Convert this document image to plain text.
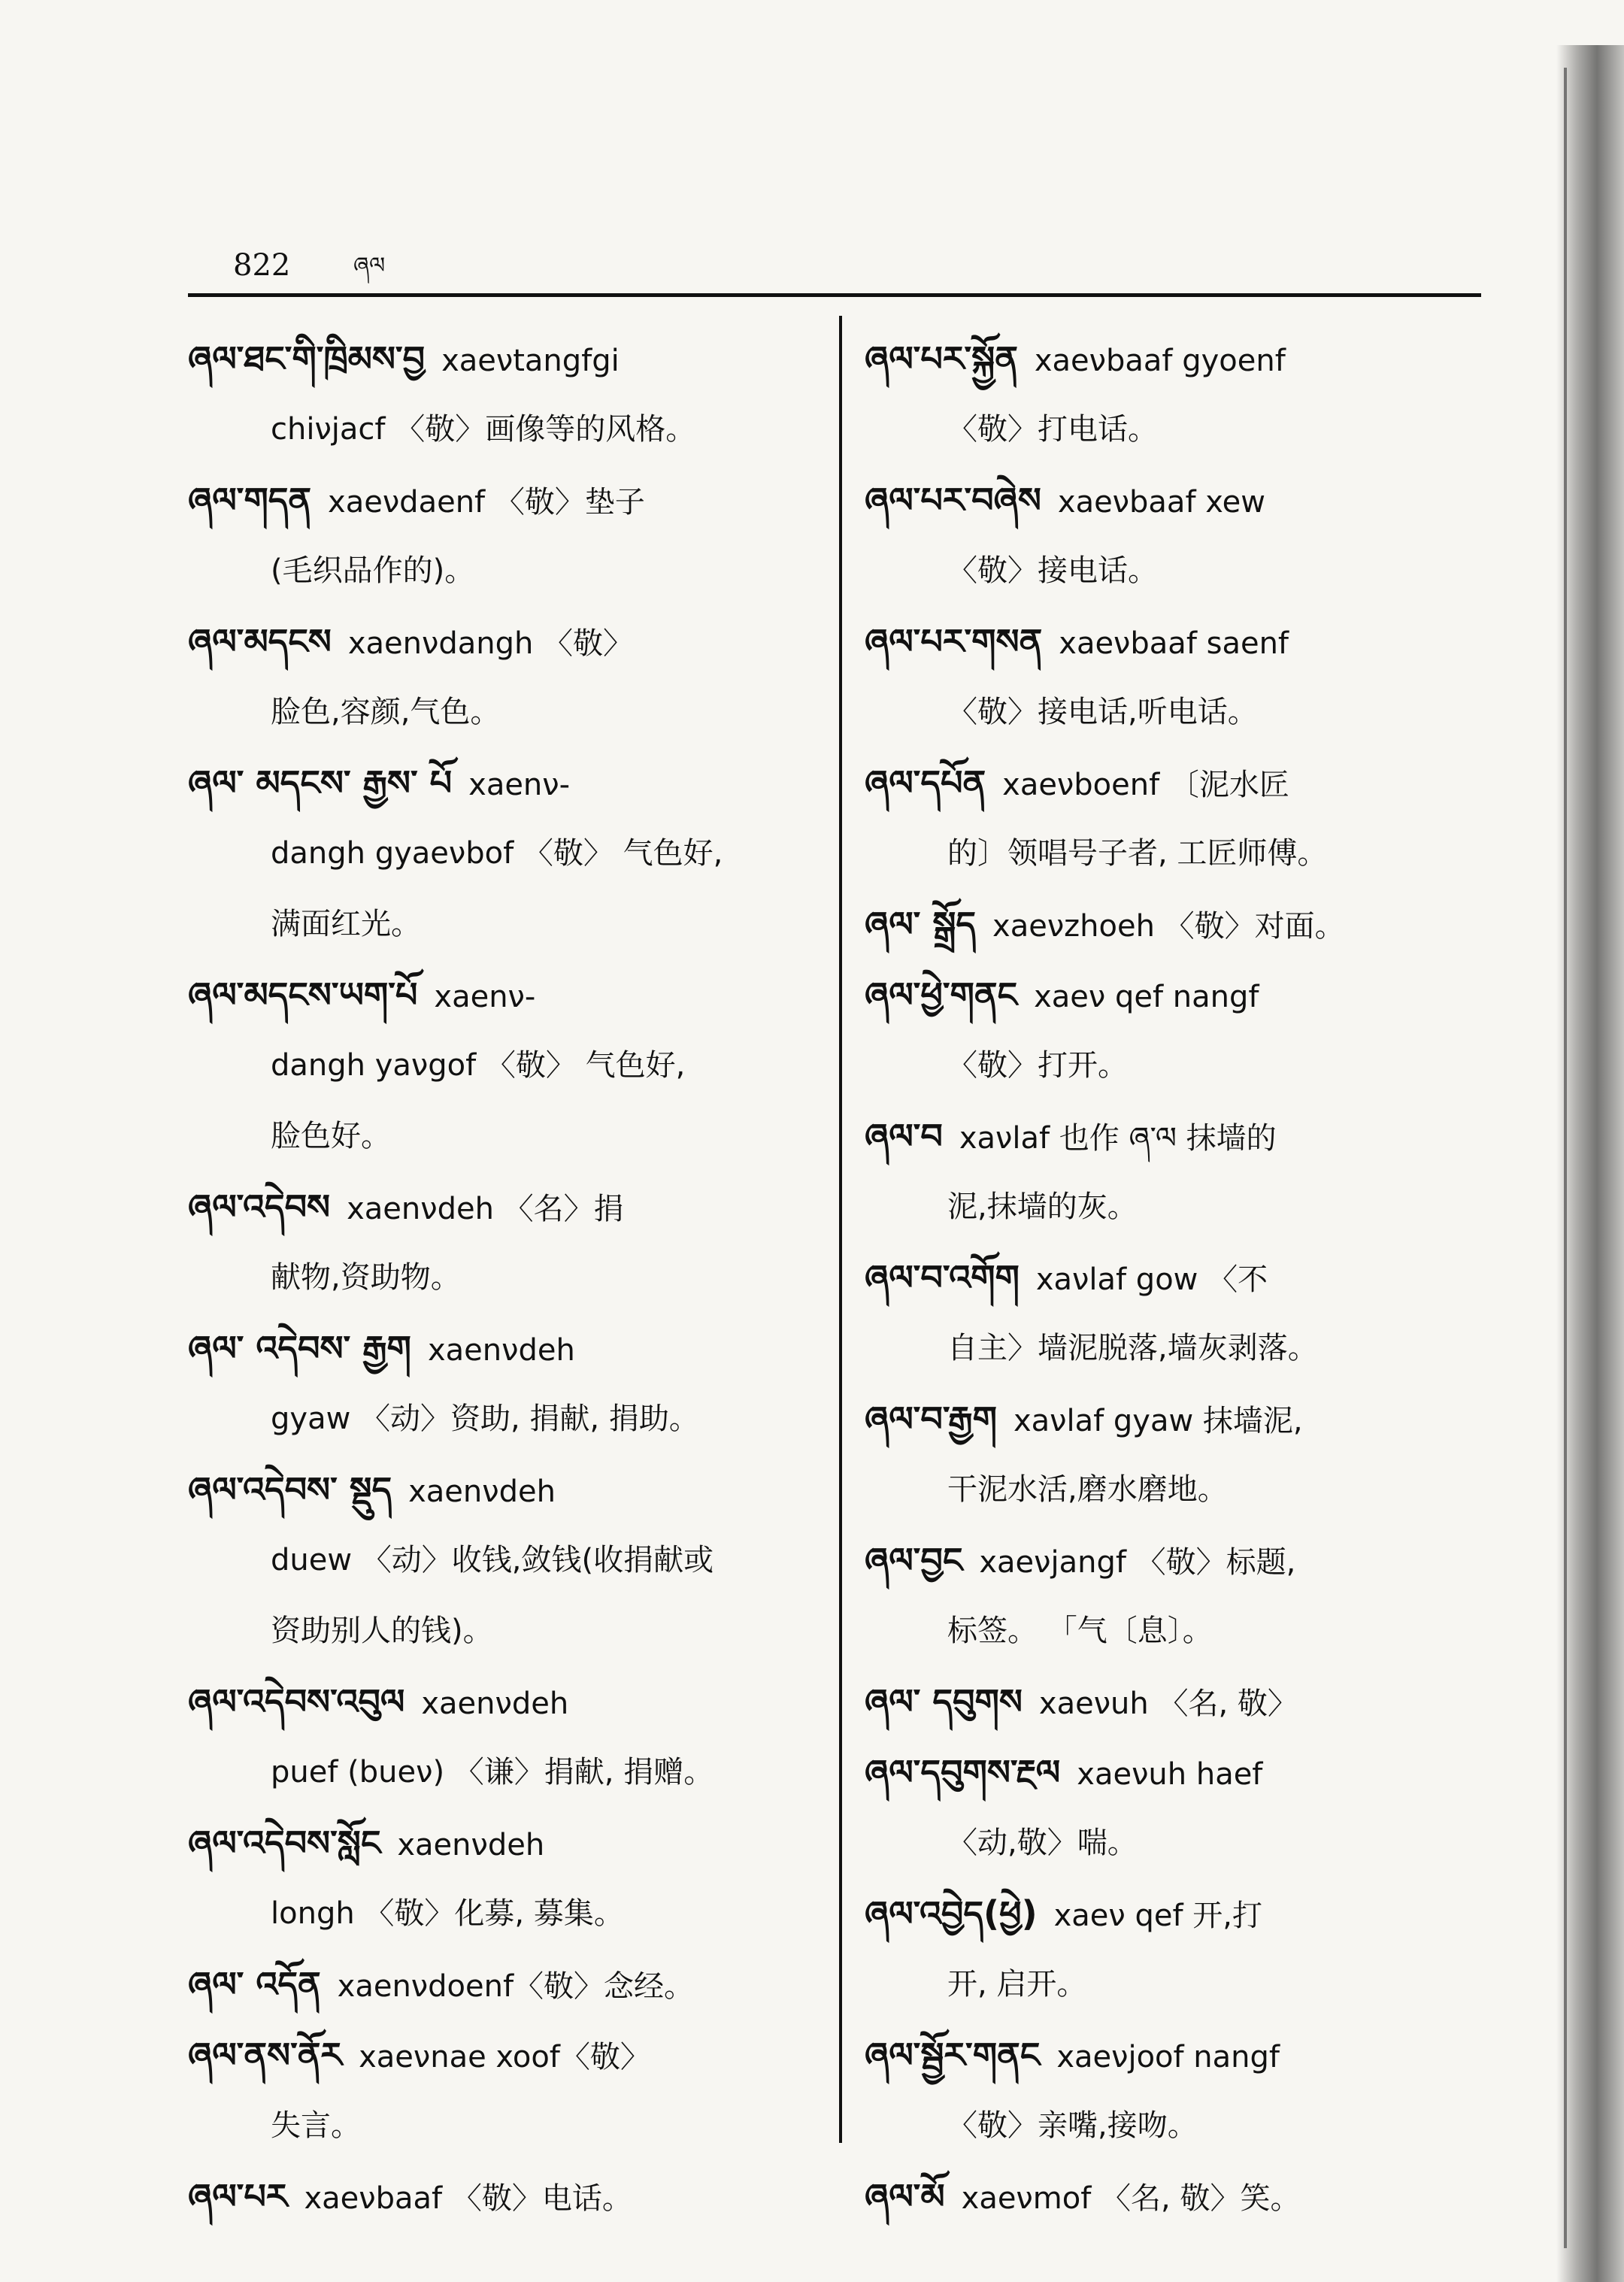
822	ཞལ
ཞལ་ཐང་གི་ཁྲིམས་བྱ xaeνtangfgi
chiνjacf 〈敬〉画像等的风格。
ཞལ་གདན xaeνdaenf 〈敬〉垫子
(毛织品作的)。
ཞལ་མདངས xaenνdangh 〈敬〉
脸色,容颜,气色。
ཞལ་ མདངས་ རྒྱས་ པོ xaenν-
dangh gyaeνbof 〈敬〉 气色好,
满面红光。
ཞལ་མདངས་ཡག་པོ xaenν-
dangh yaνgof 〈敬〉 气色好,
脸色好。
ཞལ་འདེབས xaenνdeh 〈名〉捐
献物,资助物。
ཞལ་ འདེབས་ རྒྱག xaenνdeh
gyaw 〈动〉资助, 捐献, 捐助。
ཞལ་འདེབས་ སྡུད xaenνdeh
duew 〈动〉收钱,敛钱(收捐献或
资助别人的钱)。
ཞལ་འདེབས་འབུལ xaenνdeh
puef (bueν) 〈谦〉捐献, 捐赠。
ཞལ་འདེབས་སློང xaenνdeh
longh 〈敬〉化募, 募集。
ཞལ་ འདོན xaenνdoenf〈敬〉念经。
ཞལ་ནས་ནོར xaeνnae xoof〈敬〉
失言。
ཞལ་པར xaeνbaaf 〈敬〉电话。
ཞལ་པར་སྐྱོན xaeνbaaf gyoenf
〈敬〉打电话。
ཞལ་པར་བཞེས xaeνbaaf xew
〈敬〉接电话。
ཞལ་པར་གསན xaeνbaaf saenf
〈敬〉接电话,听电话。
ཞལ་དཔོན xaeνboenf 〔泥水匠
的〕领唱号子者, 工匠师傅。
ཞལ་ སྒྲོད xaeνzhoeh 〈敬〉对面。
ཞལ་ཕྱེ་གནང xaeν qef nangf
〈敬〉打开。
ཞལ་བ xaνlaf 也作 ཞ་ལ 抹墙的
泥,抹墙的灰。
ཞལ་བ་འགོག xaνlaf gow 〈不
自主〉墙泥脱落,墙灰剥落。
ཞལ་བ་རྒྱག xaνlaf gyaw 抹墙泥,
干泥水活,磨水磨地。
ཞལ་བྱང xaeνjangf 〈敬〉标题,
标签。 「气〔息〕。
ཞལ་ དབུགས xaeνuh 〈名, 敬〉
ཞལ་དབུགས་རྔལ xaeνuh haef
〈动,敬〉喘。
ཞལ་འབྱེད(ཕྱེ) xaeν qef 开,打
开, 启开。
ཞལ་སྦྱོར་གནང xaeνjoof nangf
〈敬〉亲嘴,接吻。
ཞལ་མོ xaeνmof 〈名, 敬〉笑。
